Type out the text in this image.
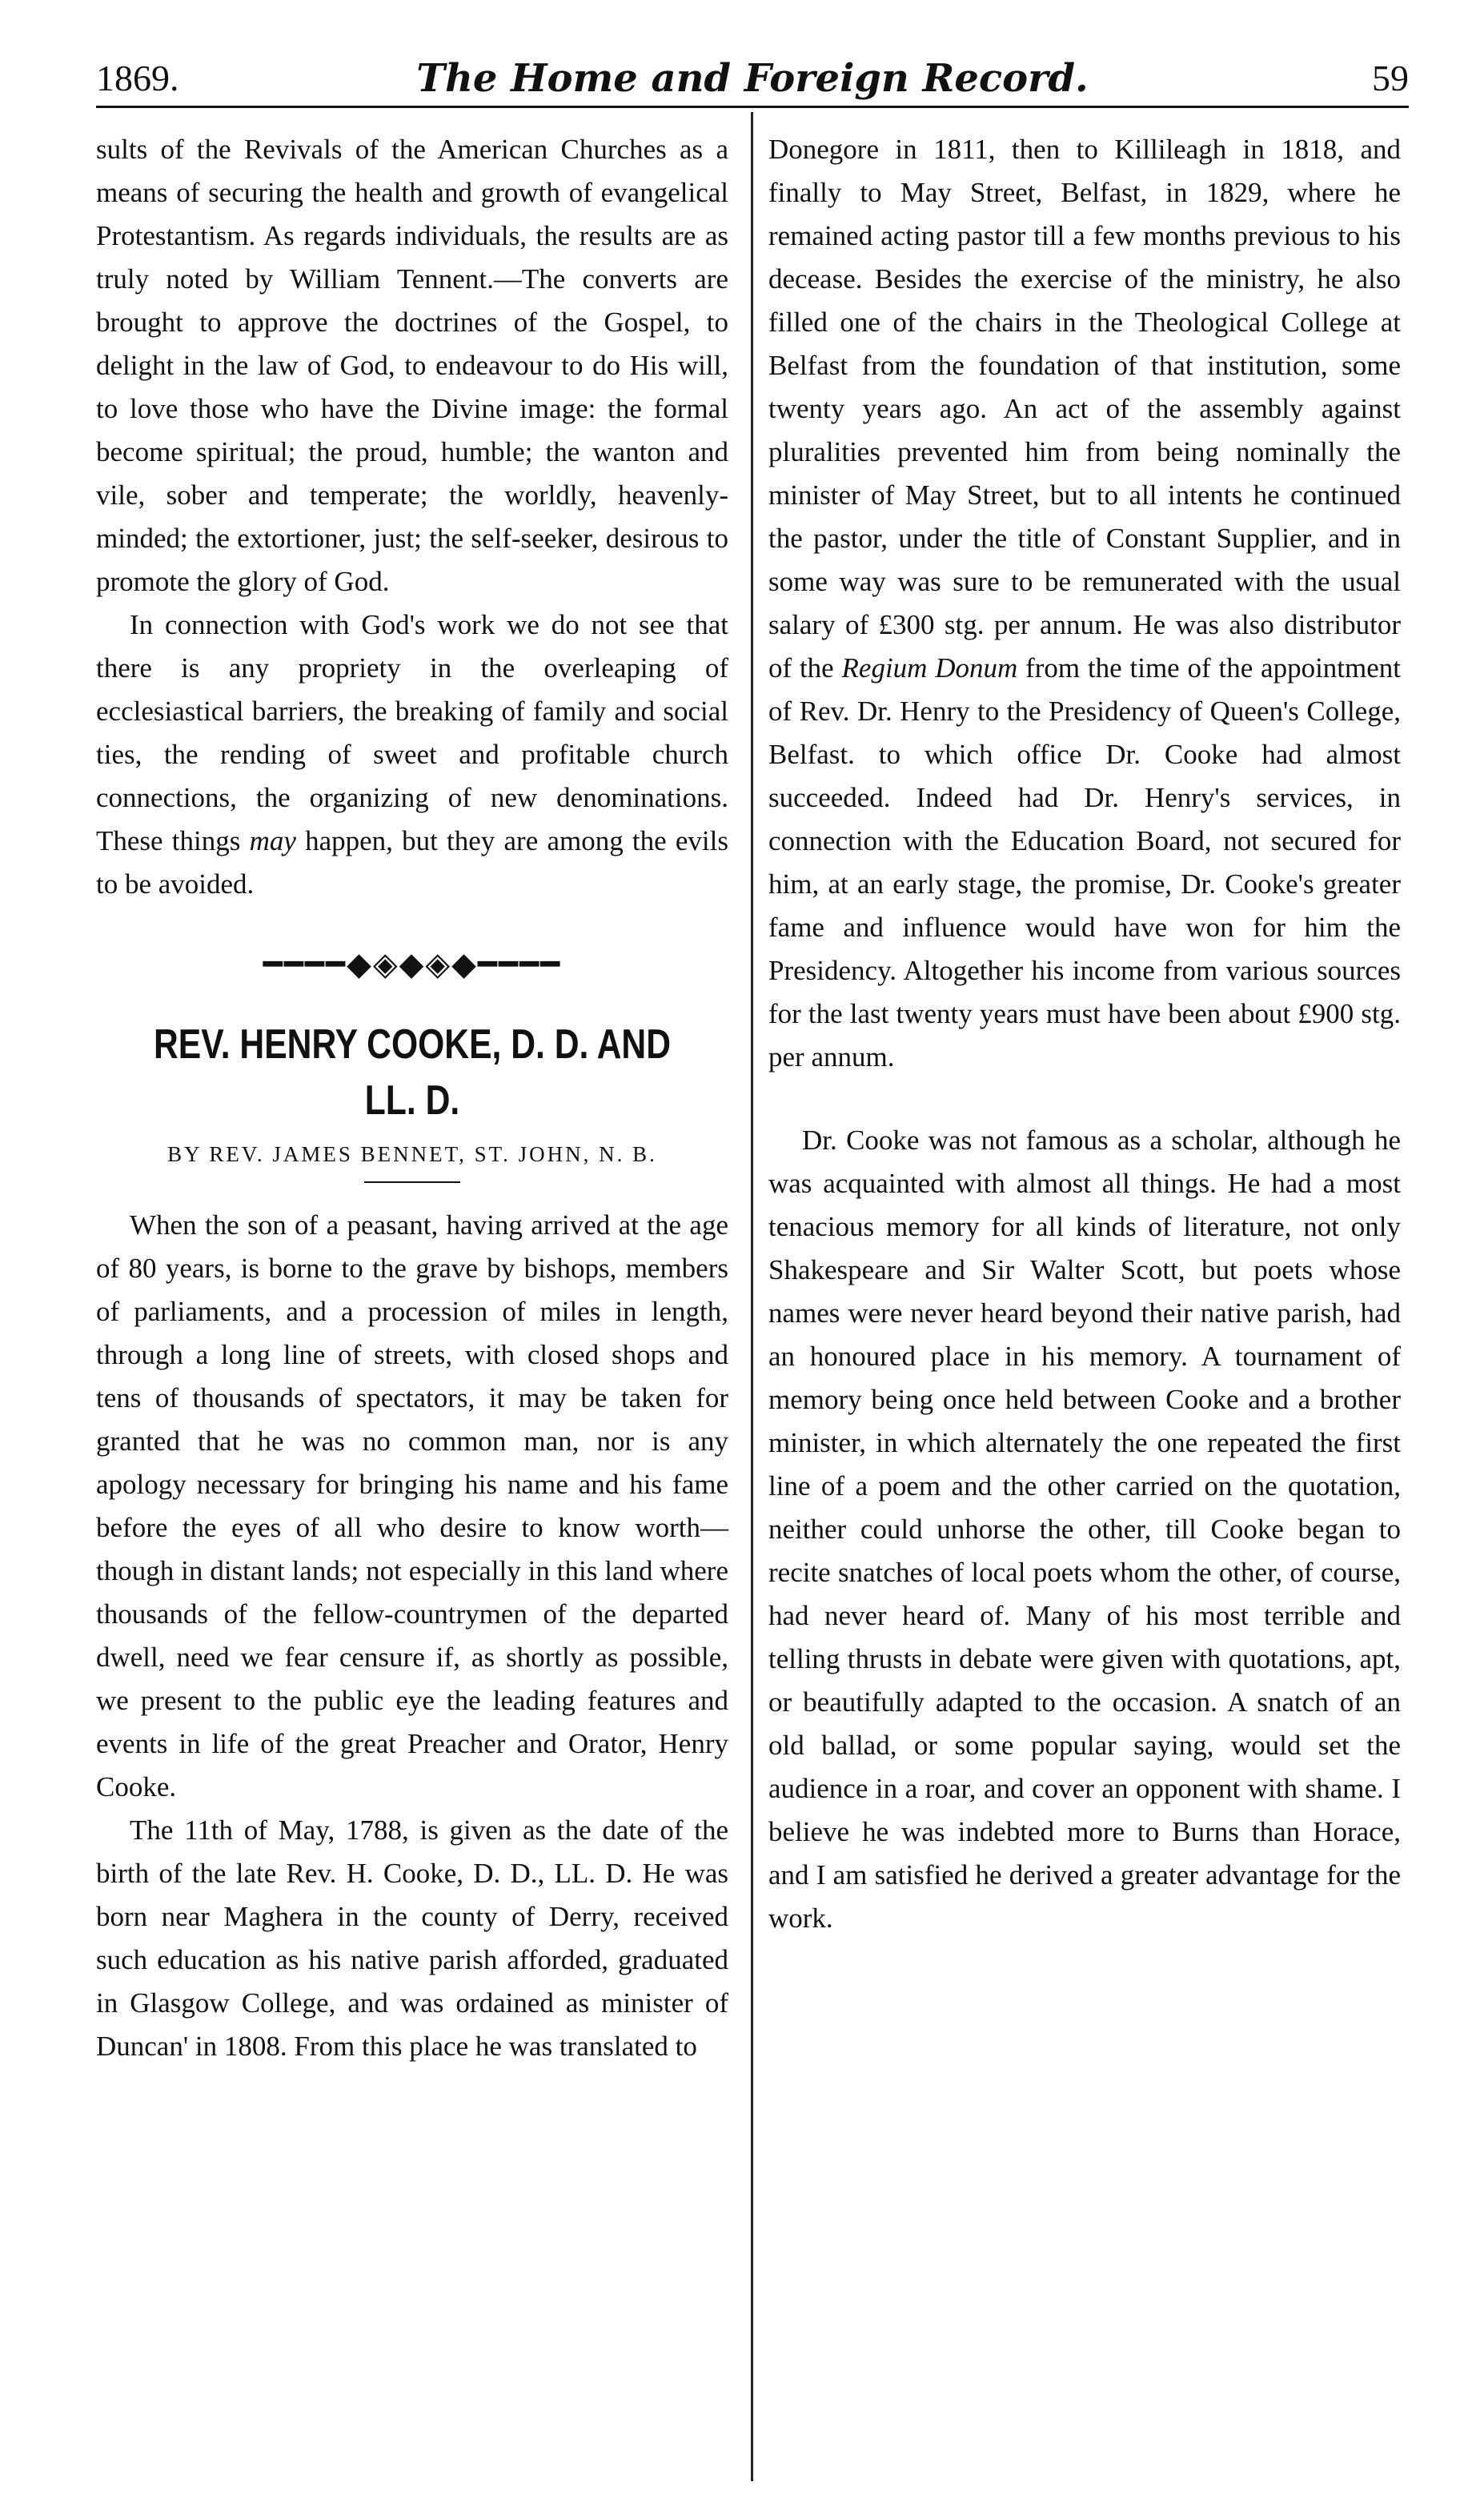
1869.	The Home and Foreign Record.	59

sults of the Revivals of the American Churches as a means of securing the health and growth of evangelical Protestantism. As regards individuals, the results are as truly noted by William Tennent.—The converts are brought to approve the doctrines of the Gospel, to delight in the law of God, to endeavour to do His will, to love those who have the Divine image: the formal become spiritual; the proud, humble; the wanton and vile, sober and temperate; the worldly, heavenly-minded; the extortioner, just; the self-seeker, desirous to promote the glory of God.

In connection with God's work we do not see that there is any propriety in the overleaping of ecclesiastical barriers, the breaking of family and social ties, the rending of sweet and profitable church connections, the organizing of new denominations. These things may happen, but they are among the evils to be avoided.

━━━━◆◈◆◈◆━━━━
REV. HENRY COOKE, D. D. AND LL. D.
BY REV. JAMES BENNET, ST. JOHN, N. B.

When the son of a peasant, having arrived at the age of 80 years, is borne to the grave by bishops, members of parliaments, and a procession of miles in length, through a long line of streets, with closed shops and tens of thousands of spectators, it may be taken for granted that he was no common man, nor is any apology necessary for bringing his name and his fame before the eyes of all who desire to know worth—though in distant lands; not especially in this land where thousands of the fellow-countrymen of the departed dwell, need we fear censure if, as shortly as possible, we present to the public eye the leading features and events in life of the great Preacher and Orator, Henry Cooke.

The 11th of May, 1788, is given as the date of the birth of the late Rev. H. Cooke, D. D., LL. D. He was born near Maghera in the county of Derry, received such education as his native parish afforded, graduated in Glasgow College, and was ordained as minister of Duncan' in 1808. From this place he was translated to

Donegore in 1811, then to Killileagh in 1818, and finally to May Street, Belfast, in 1829, where he remained acting pastor till a few months previous to his decease. Besides the exercise of the ministry, he also filled one of the chairs in the Theological College at Belfast from the foundation of that institution, some twenty years ago. An act of the assembly against pluralities prevented him from being nominally the minister of May Street, but to all intents he continued the pastor, under the title of Constant Supplier, and in some way was sure to be remunerated with the usual salary of £300 stg. per annum. He was also distributor of the Regium Donum from the time of the appointment of Rev. Dr. Henry to the Presidency of Queen's College, Belfast. to which office Dr. Cooke had almost succeeded. Indeed had Dr. Henry's services, in connection with the Education Board, not secured for him, at an early stage, the promise, Dr. Cooke's greater fame and influence would have won for him the Presidency. Altogether his income from various sources for the last twenty years must have been about £900 stg. per annum.

Dr. Cooke was not famous as a scholar, although he was acquainted with almost all things. He had a most tenacious memory for all kinds of literature, not only Shakespeare and Sir Walter Scott, but poets whose names were never heard beyond their native parish, had an honoured place in his memory. A tournament of memory being once held between Cooke and a brother minister, in which alternately the one repeated the first line of a poem and the other carried on the quotation, neither could unhorse the other, till Cooke began to recite snatches of local poets whom the other, of course, had never heard of. Many of his most terrible and telling thrusts in debate were given with quotations, apt, or beautifully adapted to the occasion. A snatch of an old ballad, or some popular saying, would set the audience in a roar, and cover an opponent with shame. I believe he was indebted more to Burns than Horace, and I am satisfied he derived a greater advantage for the work.
